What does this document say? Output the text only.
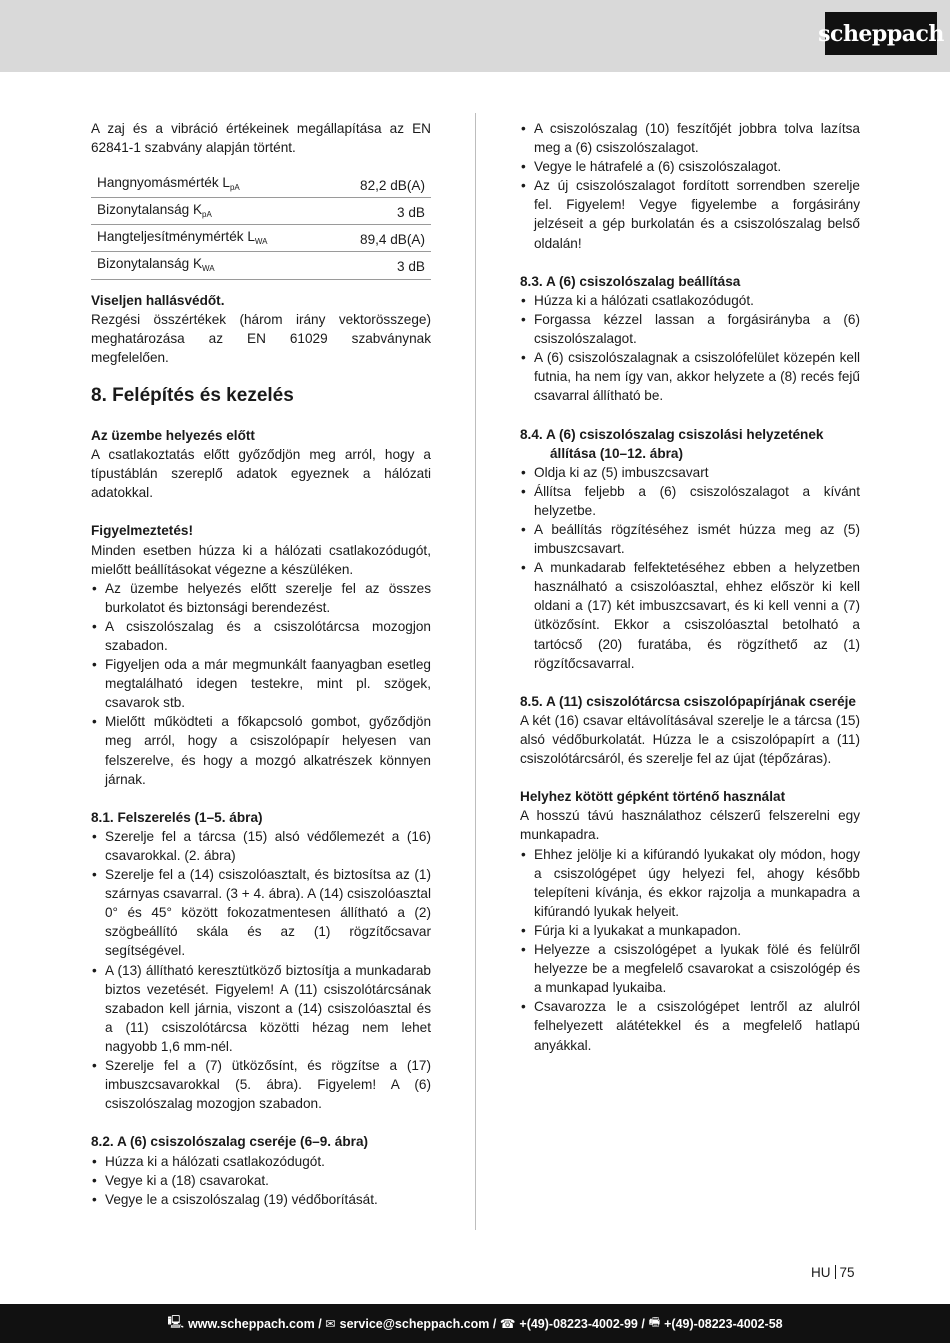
scheppach

A zaj és a vibráció értékeinek megállapítása az EN 62841-1 szabvány alapján történt.

Hangnyomásmérték $L_{pA}$	82,2 dB(A)
Bizonytalanság $K_{pA}$	3 dB
Hangteljesítménymérték $L_{WA}$	89,4 dB(A)
Bizonytalanság $K_{WA}$	3 dB

Viseljen hallásvédőt.

Rezgési összértékek (három irány vektorösszege) meghatározása az EN 61029 szabványnak megfelelően.

8. Felépítés és kezelés
Az üzembe helyezés előtt

A csatlakoztatás előtt győződjön meg arról, hogy a típustáblán szereplő adatok egyeznek a hálózati adatokkal.

Figyelmeztetés!

Minden esetben húzza ki a hálózati csatlakozódugót, mielőtt beállításokat végezne a készüléken.

• Az üzembe helyezés előtt szerelje fel az összes burkolatot és biztonsági berendezést.
• A csiszolószalag és a csiszolótárcsa mozogjon szabadon.
• Figyeljen oda a már megmunkált faanyagban esetleg megtalálható idegen testekre, mint pl. szögek, csavarok stb.
• Mielőtt működteti a főkapcsoló gombot, győződjön meg arról, hogy a csiszolópapír helyesen van felszerelve, és hogy a mozgó alkatrészek könnyen járnak.
8.1. Felszerelés (1–5. ábra)
• Szerelje fel a tárcsa (15) alsó védőlemezét a (16) csavarokkal. (2. ábra)
• Szerelje fel a (14) csiszolóasztalt, és biztosítsa az (1) szárnyas csavarral. (3 + 4. ábra). A (14) csiszolóasztal 0° és 45° között fokozatmentesen állítható a (2) szögbeállító skála és az (1) rögzítőcsavar segítségével.
• A (13) állítható keresztütköző biztosítja a munkadarab biztos vezetését. Figyelem! A (11) csiszolótárcsának szabadon kell járnia, viszont a (14) csiszolóasztal és a (11) csiszolótárcsa közötti hézag nem lehet nagyobb 1,6 mm-nél.
• Szerelje fel a (7) ütközősínt, és rögzítse a (17) imbuszcsavarokkal (5. ábra). Figyelem! A (6) csiszolószalag mozogjon szabadon.
8.2. A (6) csiszolószalag cseréje (6–9. ábra)
• Húzza ki a hálózati csatlakozódugót.
• Vegye ki a (18) csavarokat.
• Vegye le a csiszolószalag (19) védőborítását.
• A csiszolószalag (10) feszítőjét jobbra tolva lazítsa meg a (6) csiszolószalagot.
• Vegye le hátrafelé a (6) csiszolószalagot.
• Az új csiszolószalagot fordított sorrendben szerelje fel. Figyelem! Vegye figyelembe a forgásirány jelzéseit a gép burkolatán és a csiszolószalag belső oldalán!
8.3. A (6) csiszolószalag beállítása
• Húzza ki a hálózati csatlakozódugót.
• Forgassa kézzel lassan a forgásirányba a (6) csiszolószalagot.
• A (6) csiszolószalagnak a csiszolófelület közepén kell futnia, ha nem így van, akkor helyzete a (8) recés fejű csavarral állítható be.
8.4. A (6) csiszolószalag csiszolási helyzetének állítása (10–12. ábra)
• Oldja ki az (5) imbuszcsavart
• Állítsa feljebb a (6) csiszolószalagot a kívánt helyzetbe.
• A beállítás rögzítéséhez ismét húzza meg az (5) imbuszcsavart.
• A munkadarab felfektetéséhez ebben a helyzetben használható a csiszolóasztal, ehhez először ki kell oldani a (17) két imbuszcsavart, és ki kell venni a (7) ütközősínt. Ekkor a csiszolóasztal betolható a tartócső (20) furatába, és rögzíthető az (1) rögzítőcsavarral.
8.5. A (11) csiszolótárcsa csiszolópapírjának cseréje

A két (16) csavar eltávolításával szerelje le a tárcsa (15) alsó védőburkolatát. Húzza le a csiszolópapírt a (11) csiszolótárcsáról, és szerelje fel az újat (tépőzáras).

Helyhez kötött gépként történő használat

A hosszú távú használathoz célszerű felszerelni egy munkapadra.

• Ehhez jelölje ki a kifúrandó lyukakat oly módon, hogy a csiszológépet úgy helyezi fel, ahogy később telepíteni kívánja, és ekkor rajzolja a munkapadra a kifúrandó lyukak helyeit.
• Fúrja ki a lyukakat a munkapadon.
• Helyezze a csiszológépet a lyukak fölé és felülről helyezze be a megfelelő csavarokat a csiszológép és a munkapad lyukaiba.
• Csavarozza le a csiszológépet lentről az alulról felhelyezett alátétekkel és a megfelelő hatlapú anyákkal.
HU 75
🖳 www.scheppach.com / ✉ service@scheppach.com / ☎ +(49)-08223-4002-99 / 🖷 +(49)-08223-4002-58
